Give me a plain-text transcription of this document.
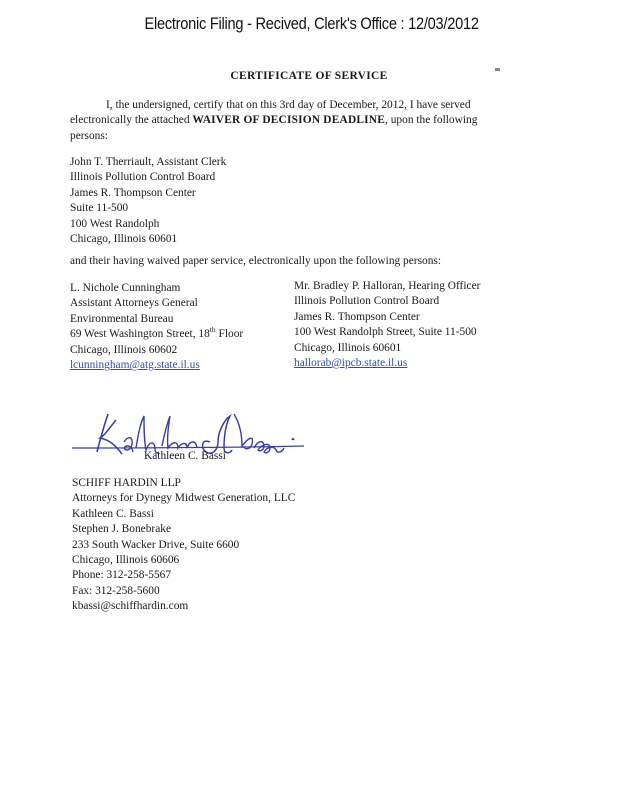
Electronic Filing - Recived, Clerk's Office : 12/03/2012
CERTIFICATE OF SERVICE
I, the undersigned, certify that on this 3rd day of December, 2012, I have served electronically the attached WAIVER OF DECISION DEADLINE, upon the following persons:
John T. Therriault, Assistant Clerk
Illinois Pollution Control Board
James R. Thompson Center
Suite 11-500
100 West Randolph
Chicago, Illinois 60601
and their having waived paper service, electronically upon the following persons:
L. Nichole Cunningham
Assistant Attorneys General
Environmental Bureau
69 West Washington Street, 18th Floor
Chicago, Illinois 60602
lcunningham@atg.state.il.us
Mr. Bradley P. Halloran, Hearing Officer
Illinois Pollution Control Board
James R. Thompson Center
100 West Randolph Street, Suite 11-500
Chicago, Illinois 60601
hallorab@ipcb.state.il.us
Kathleen C. Bassi
SCHIFF HARDIN LLP
Attorneys for Dynegy Midwest Generation, LLC
Kathleen C. Bassi
Stephen J. Bonebrake
233 South Wacker Drive, Suite 6600
Chicago, Illinois 60606
Phone: 312-258-5567
Fax: 312-258-5600
kbassi@schiffhardin.com
